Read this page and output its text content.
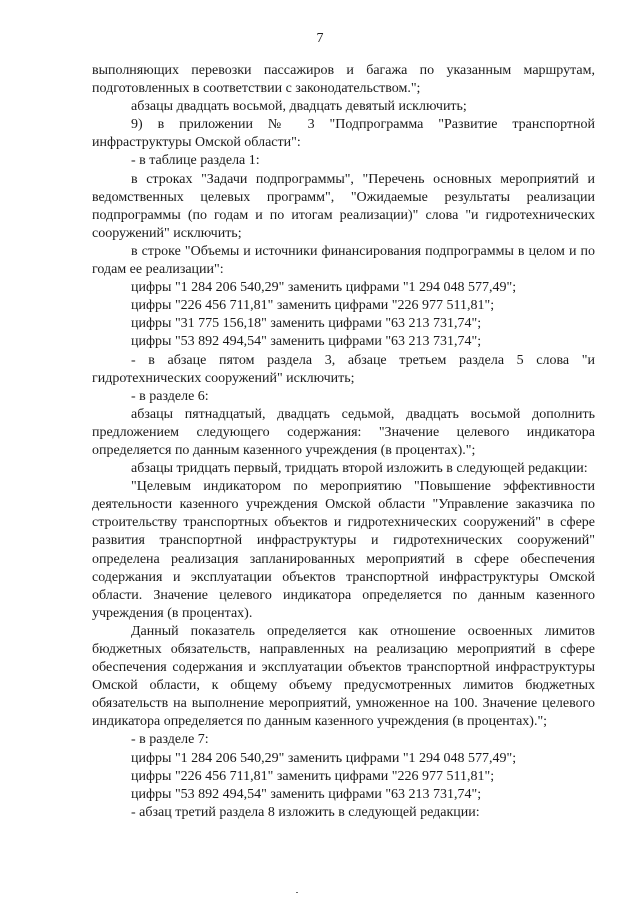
7

выполняющих перевозки пассажиров и багажа по указанным маршрутам, подготовленных в соответствии с законодательством.";

абзацы двадцать восьмой, двадцать девятый исключить;

9) в приложении № 3 "Подпрограмма "Развитие транспортной инфраструктуры Омской области":

- в таблице раздела 1:

в строках "Задачи подпрограммы", "Перечень основных мероприятий и ведомственных целевых программ", "Ожидаемые результаты реализации подпрограммы (по годам и по итогам реализации)" слова "и гидротехнических сооружений" исключить;

в строке "Объемы и источники финансирования подпрограммы в целом и по годам ее реализации":

цифры "1 284 206 540,29" заменить цифрами "1 294 048 577,49";

цифры "226 456 711,81" заменить цифрами "226 977 511,81";

цифры "31 775 156,18" заменить цифрами "63 213 731,74";

цифры "53 892 494,54" заменить цифрами "63 213 731,74";

- в абзаце пятом раздела 3, абзаце третьем раздела 5 слова "и гидротехнических сооружений" исключить;

- в разделе 6:

абзацы пятнадцатый, двадцать седьмой, двадцать восьмой дополнить предложением следующего содержания: "Значение целевого индикатора определяется по данным казенного учреждения (в процентах).";

абзацы тридцать первый, тридцать второй изложить в следующей редакции:

"Целевым индикатором по мероприятию "Повышение эффективности деятельности казенного учреждения Омской области "Управление заказчика по строительству транспортных объектов и гидротехнических сооружений" в сфере развития транспортной инфраструктуры и гидротехнических сооружений" определена реализация запланированных мероприятий в сфере обеспечения содержания и эксплуатации объектов транспортной инфраструктуры Омской области. Значение целевого индикатора определяется по данным казенного учреждения (в процентах).

Данный показатель определяется как отношение освоенных лимитов бюджетных обязательств, направленных на реализацию мероприятий в сфере обеспечения содержания и эксплуатации объектов транспортной инфраструктуры Омской области, к общему объему предусмотренных лимитов бюджетных обязательств на выполнение мероприятий, умноженное на 100. Значение целевого индикатора определяется по данным казенного учреждения (в процентах).";

- в разделе 7:

цифры "1 284 206 540,29" заменить цифрами "1 294 048 577,49";

цифры "226 456 711,81" заменить цифрами "226 977 511,81";

цифры "53 892 494,54" заменить цифрами "63 213 731,74";

- абзац третий раздела 8 изложить в следующей редакции:
